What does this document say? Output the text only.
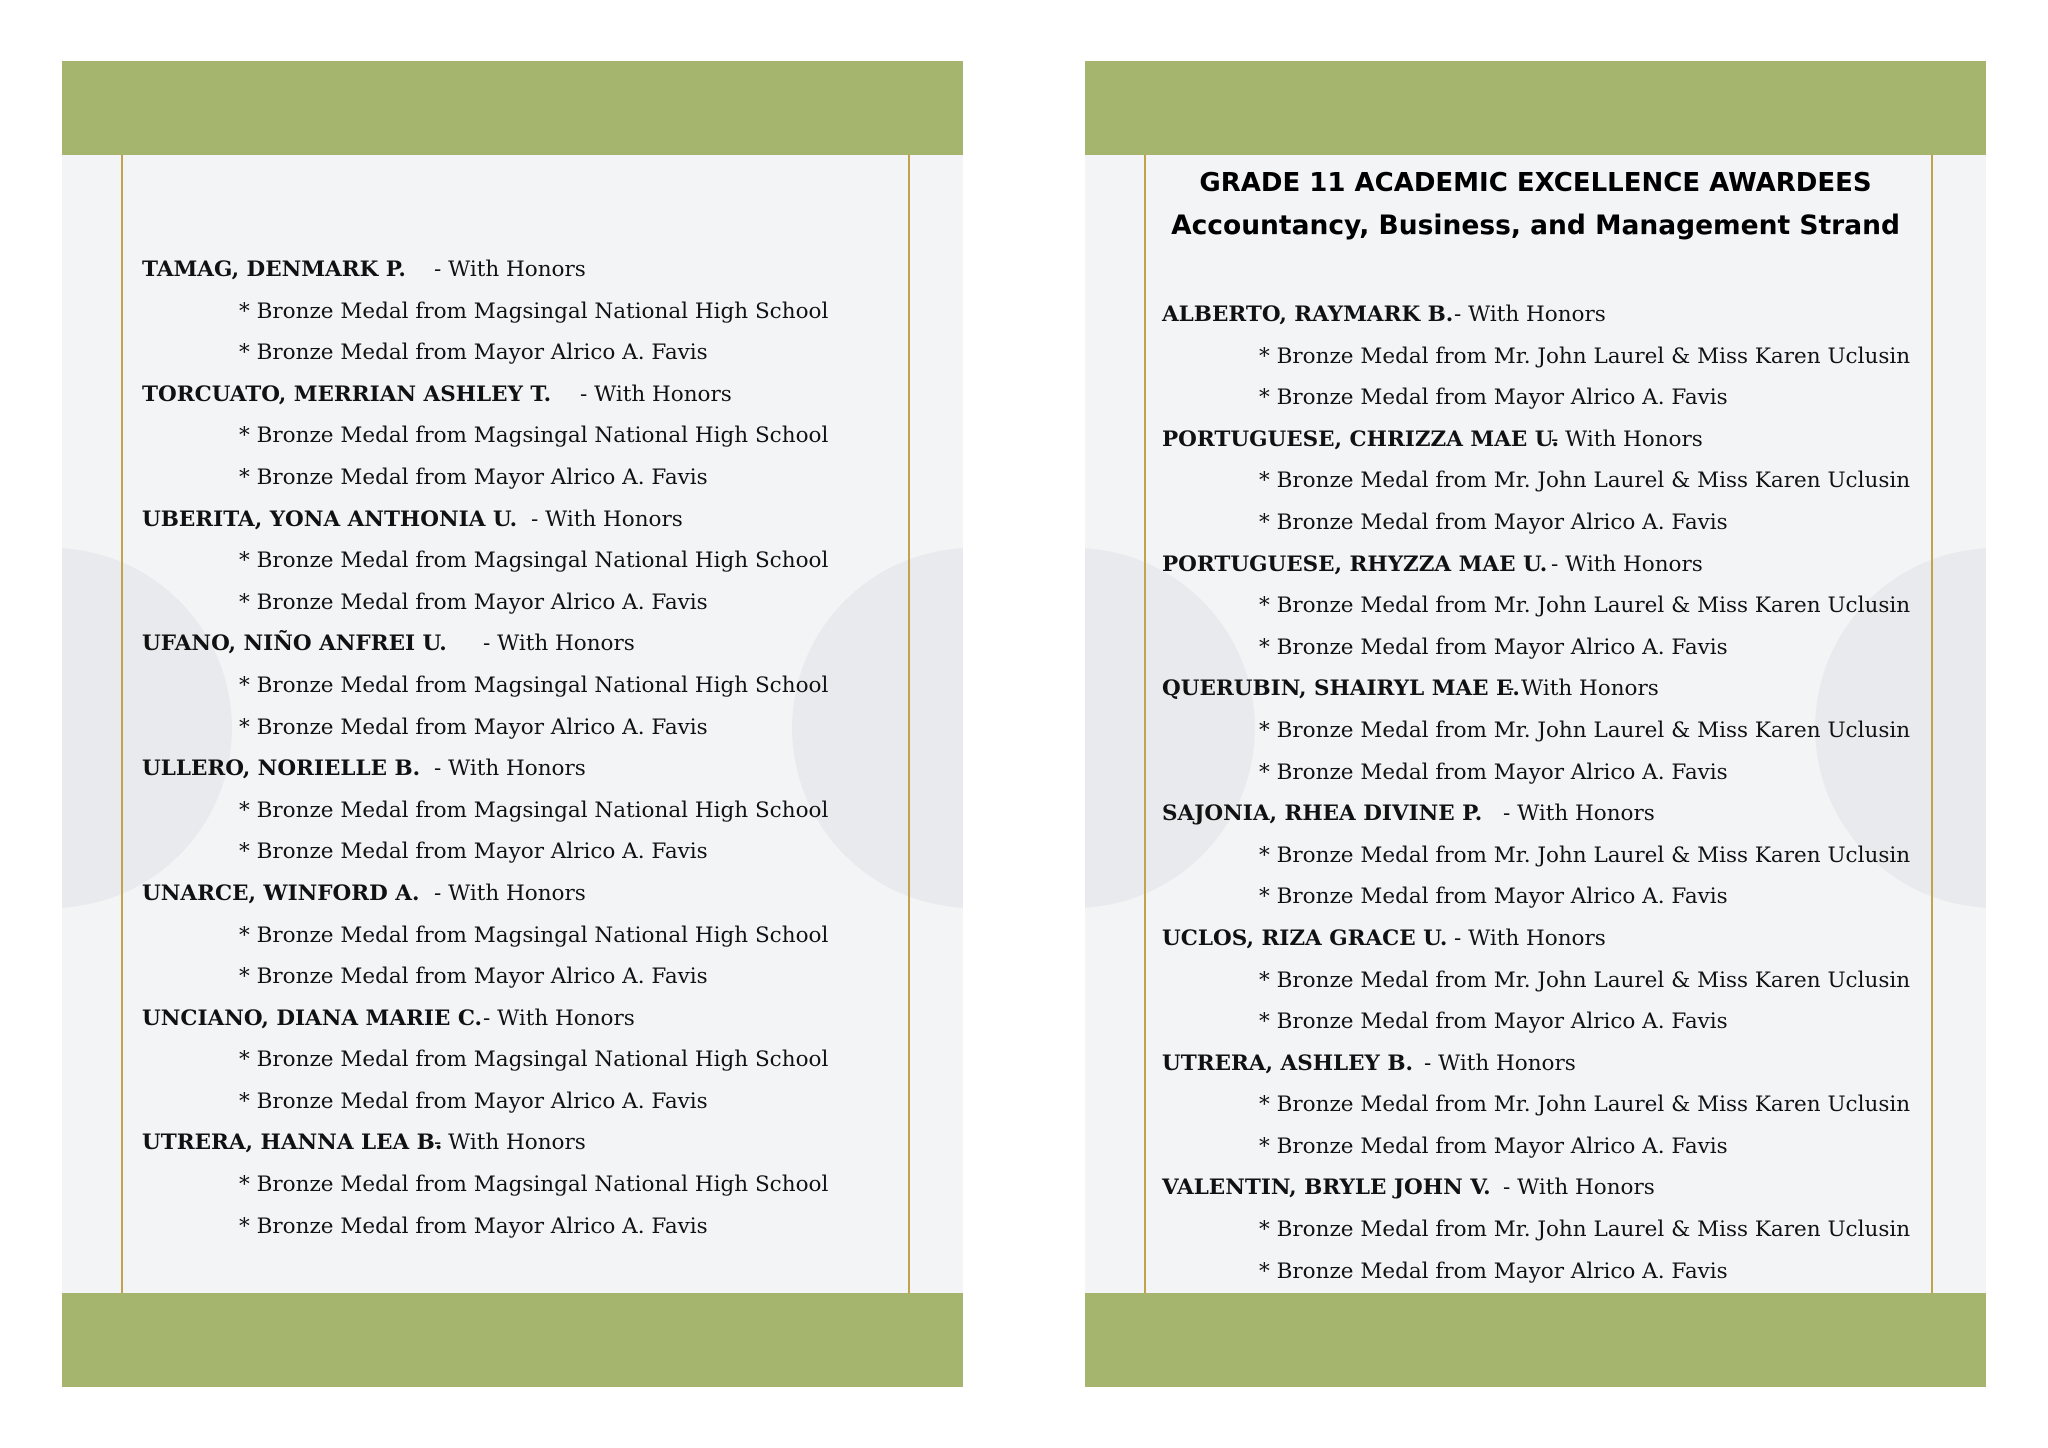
TAMAG, DENMARK P. - With Honors
* Bronze Medal from Magsingal National High School
* Bronze Medal from Mayor Alrico A. Favis
TORCUATO, MERRIAN ASHLEY T. - With Honors
* Bronze Medal from Magsingal National High School
* Bronze Medal from Mayor Alrico A. Favis
UBERITA, YONA ANTHONIA U. - With Honors
* Bronze Medal from Magsingal National High School
* Bronze Medal from Mayor Alrico A. Favis
UFANO, NIÑO ANFREI U. - With Honors
* Bronze Medal from Magsingal National High School
* Bronze Medal from Mayor Alrico A. Favis
ULLERO, NORIELLE B. - With Honors
* Bronze Medal from Magsingal National High School
* Bronze Medal from Mayor Alrico A. Favis
UNARCE, WINFORD A. - With Honors
* Bronze Medal from Magsingal National High School
* Bronze Medal from Mayor Alrico A. Favis
UNCIANO, DIANA MARIE C.- With Honors
* Bronze Medal from Magsingal National High School
* Bronze Medal from Mayor Alrico A. Favis
UTRERA, HANNA LEA B.- With Honors
* Bronze Medal from Magsingal National High School
* Bronze Medal from Mayor Alrico A. Favis
GRADE 11 ACADEMIC EXCELLENCE AWARDEES
Accountancy, Business, and Management Strand
ALBERTO, RAYMARK B.- With Honors
* Bronze Medal from Mr. John Laurel & Miss Karen Uclusin
* Bronze Medal from Mayor Alrico A. Favis
PORTUGUESE, CHRIZZA MAE U.- With Honors
* Bronze Medal from Mr. John Laurel & Miss Karen Uclusin
* Bronze Medal from Mayor Alrico A. Favis
PORTUGUESE, RHYZZA MAE U. - With Honors
* Bronze Medal from Mr. John Laurel & Miss Karen Uclusin
* Bronze Medal from Mayor Alrico A. Favis
QUERUBIN, SHAIRYL MAE E.- With Honors
* Bronze Medal from Mr. John Laurel & Miss Karen Uclusin
* Bronze Medal from Mayor Alrico A. Favis
SAJONIA, RHEA DIVINE P. - With Honors
* Bronze Medal from Mr. John Laurel & Miss Karen Uclusin
* Bronze Medal from Mayor Alrico A. Favis
UCLOS, RIZA GRACE U. - With Honors
* Bronze Medal from Mr. John Laurel & Miss Karen Uclusin
* Bronze Medal from Mayor Alrico A. Favis
UTRERA, ASHLEY B. - With Honors
* Bronze Medal from Mr. John Laurel & Miss Karen Uclusin
* Bronze Medal from Mayor Alrico A. Favis
VALENTIN, BRYLE JOHN V. - With Honors
* Bronze Medal from Mr. John Laurel & Miss Karen Uclusin
* Bronze Medal from Mayor Alrico A. Favis
